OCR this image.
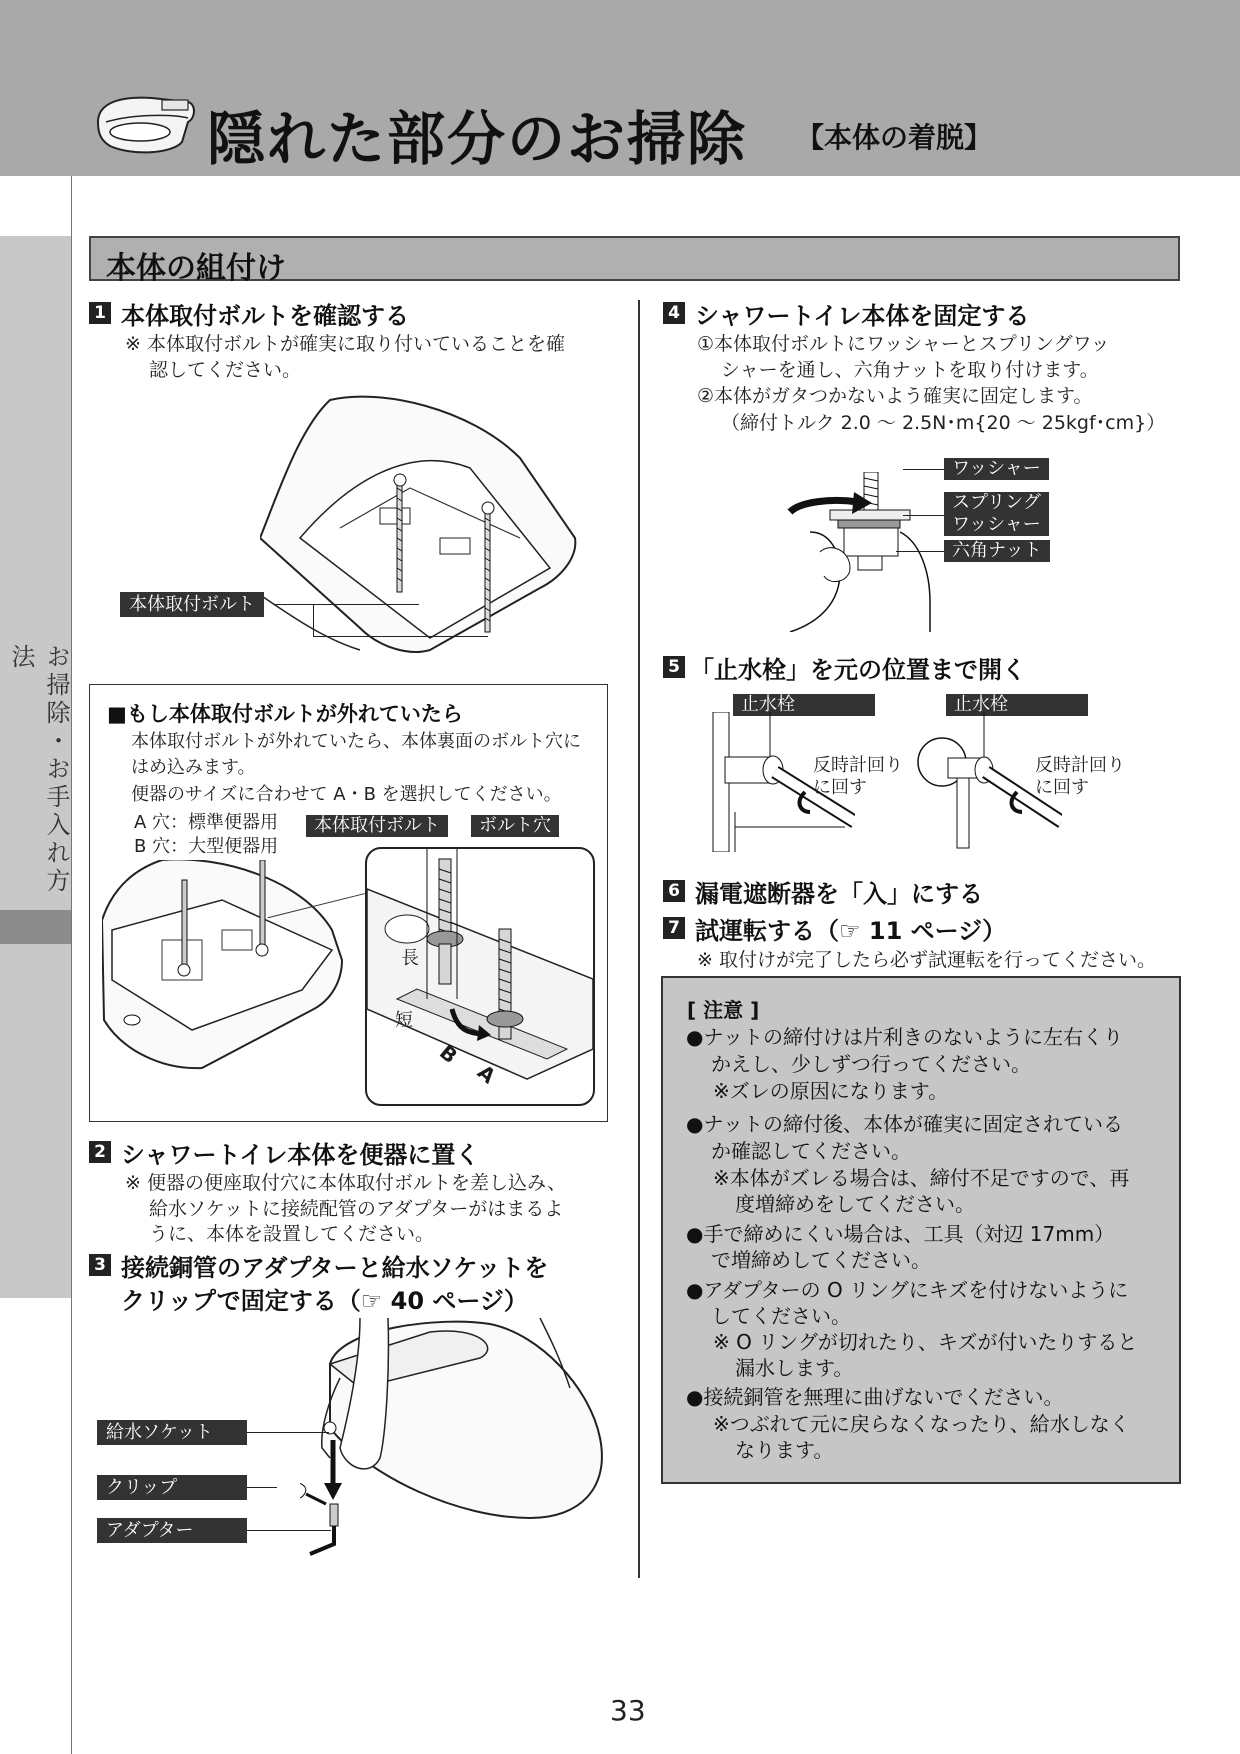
隠れた部分のお掃除 【本体の着脱】
お掃除・お手入れ方法
本体の組付け
1 本体取付ボルトを確認する
※ 本体取付ボルトが確実に取り付いていることを確
認してください。
本体取付ボルト
■もし本体取付ボルトが外れていたら
本体取付ボルトが外れていたら、本体裏面のボルト穴に
はめ込みます。
便器のサイズに合わせて A・B を選択してください。
A 穴：標準便器用
B 穴：大型便器用
本体取付ボルト	ボルト穴
長
短
B
A
2 シャワートイレ本体を便器に置く
※ 便器の便座取付穴に本体取付ボルトを差し込み、
給水ソケットに接続配管のアダプターがはまるよ
うに、本体を設置してください。
3 接続銅管のアダプターと給水ソケットを
クリップで固定する（☞ 40 ページ）
給水ソケット
クリップ
アダプター
4 シャワートイレ本体を固定する
①本体取付ボルトにワッシャーとスプリングワッ
シャーを通し、六角ナットを取り付けます。
②本体がガタつかないよう確実に固定します。
（締付トルク 2.0 ～ 2.5N･m{20 ～ 25kgf･cm}）
ワッシャー
スプリング
ワッシャー
六角ナット
5 「止水栓」を元の位置まで開く
止水栓	止水栓
反時計回り
に回す
反時計回り
に回す
6 漏電遮断器を「入」にする
7 試運転する（☞ 11 ページ）
※ 取付けが完了したら必ず試運転を行ってください。
[ 注意 ]
●ナットの締付けは片利きのないように左右くり
かえし、少しずつ行ってください。
※ズレの原因になります。
●ナットの締付後、本体が確実に固定されている
か確認してください。
※本体がズレる場合は、締付不足ですので、再
度増締めをしてください。
●手で締めにくい場合は、工具（対辺 17mm）
で増締めしてください。
●アダプターの O リングにキズを付けないように
してください。
※ O リングが切れたり、キズが付いたりすると
漏水します。
●接続銅管を無理に曲げないでください。
※つぶれて元に戻らなくなったり、給水しなく
なります。
33
